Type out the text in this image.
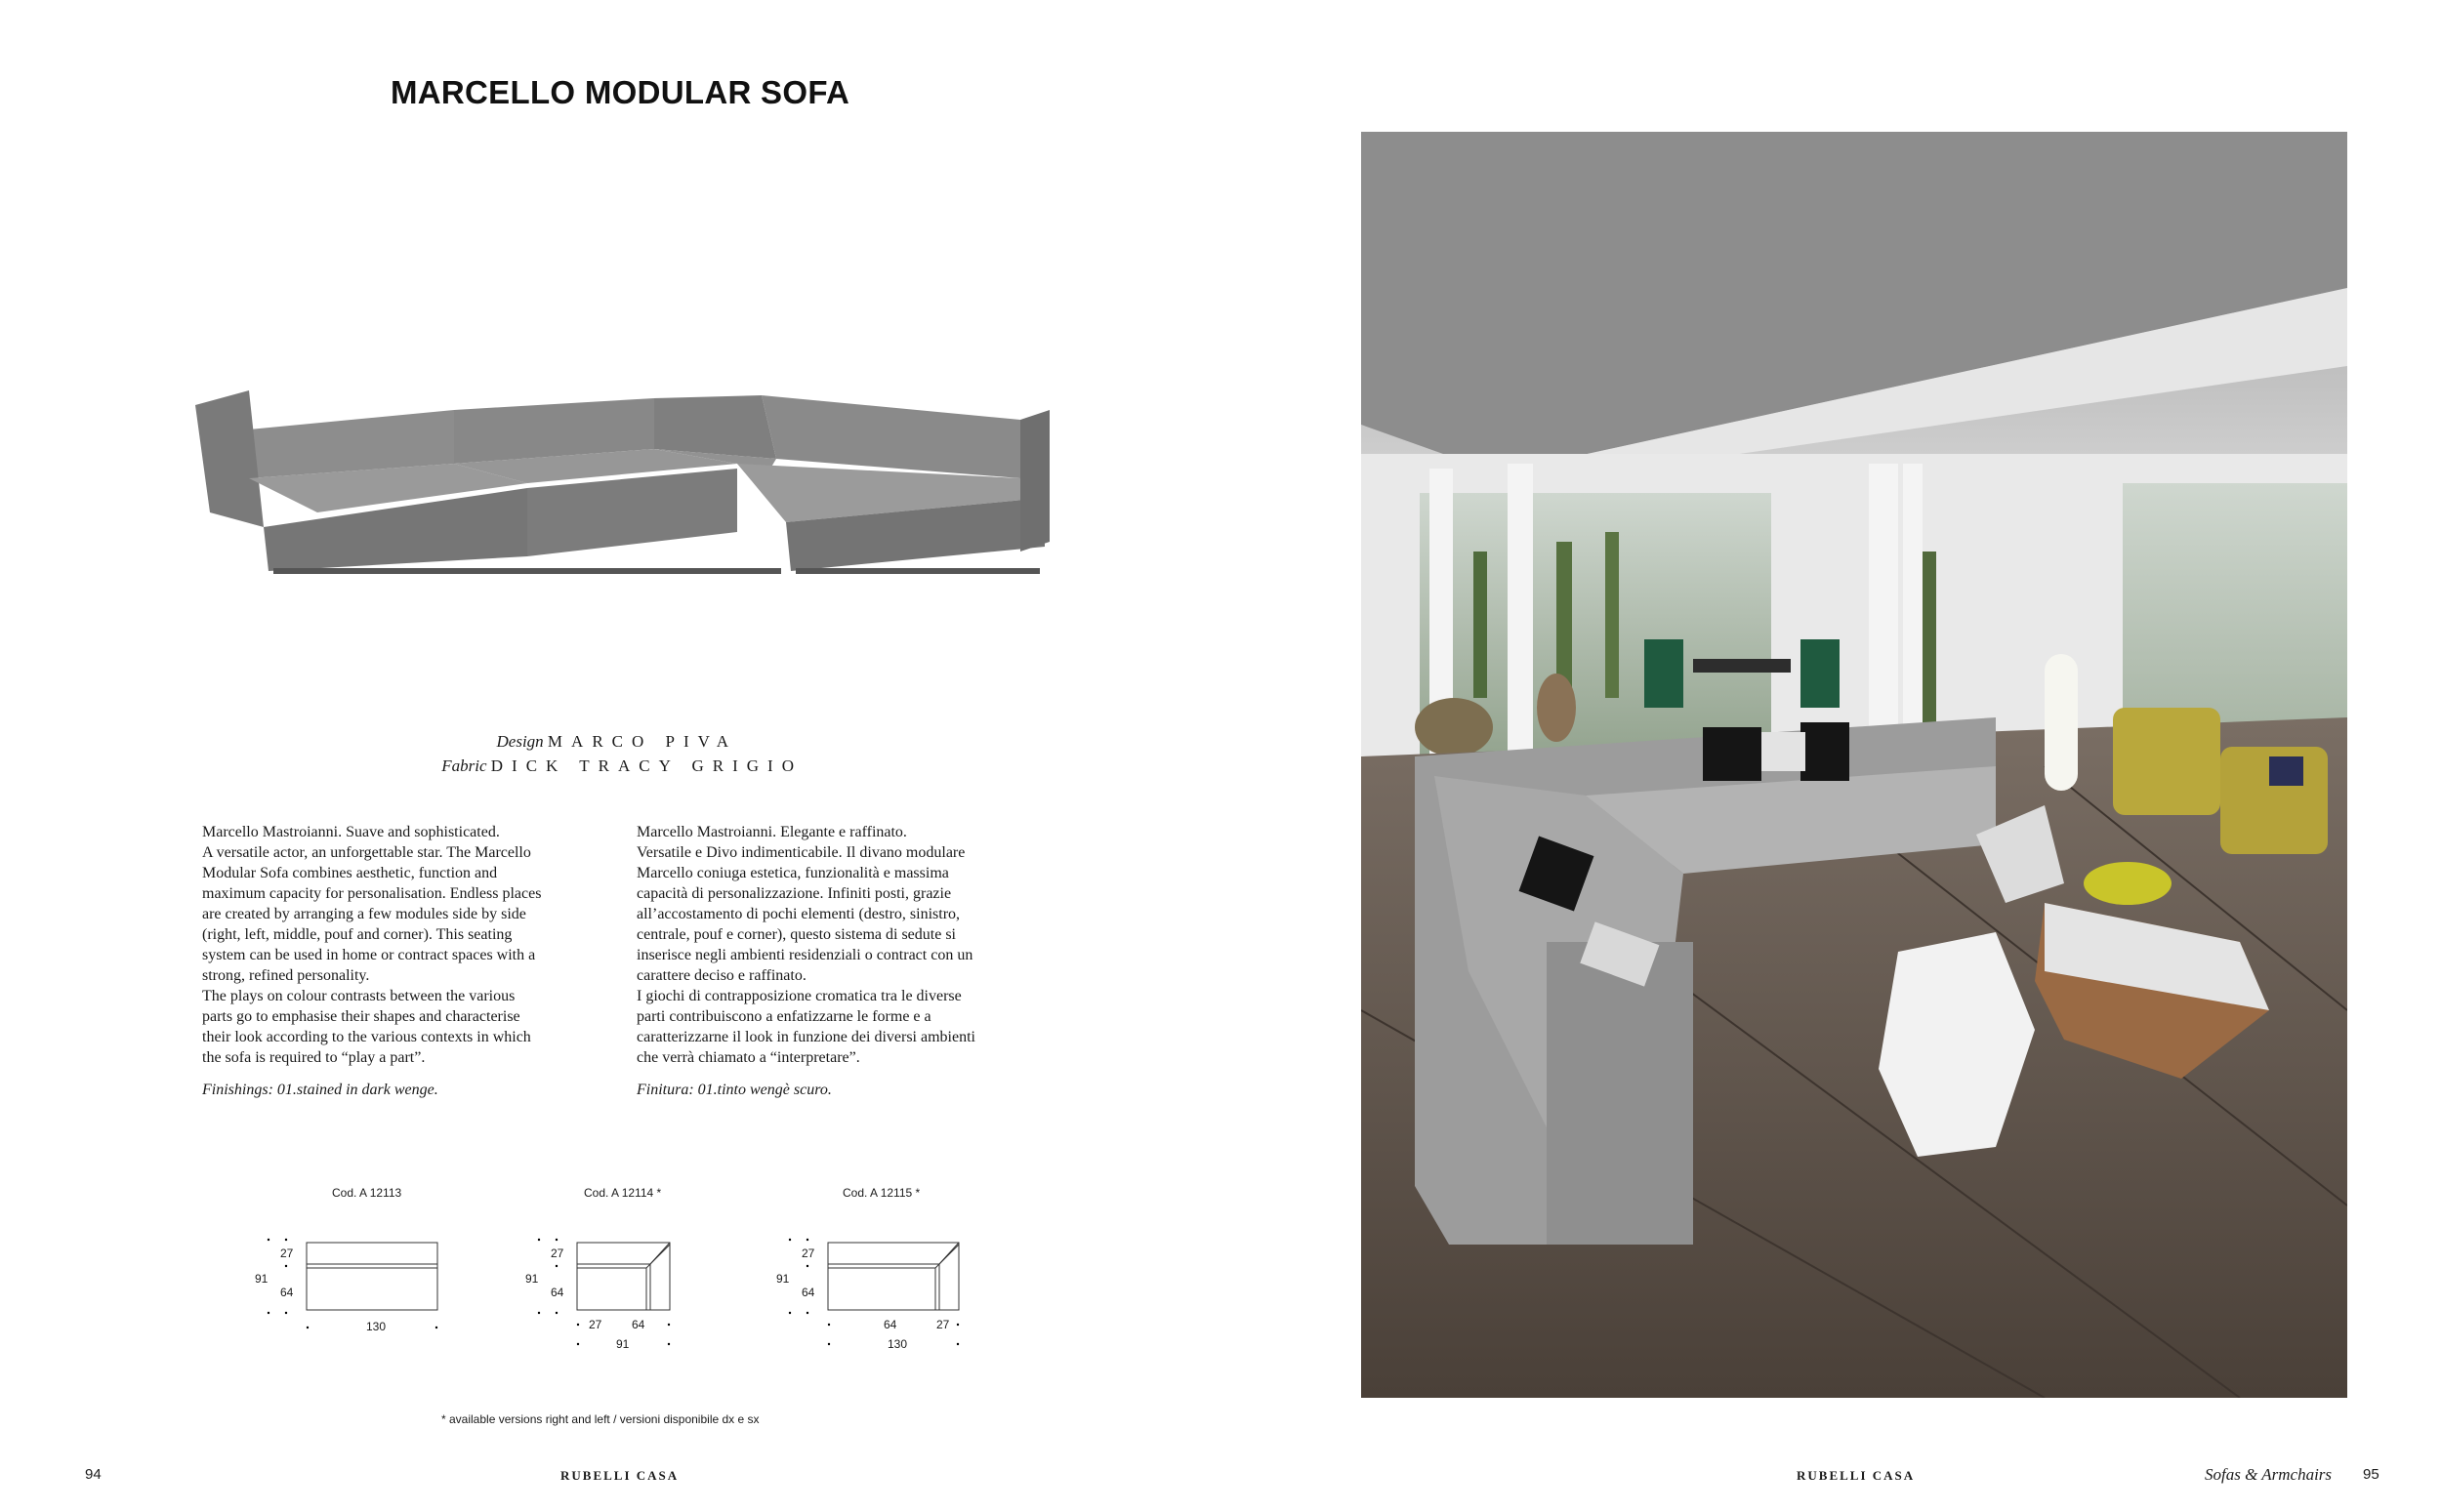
MARCELLO MODULAR SOFA
Design MARCO PIVA
Fabric DICK TRACY GRIGIO

Marcello Mastroianni. Suave and sophisticated.

A versatile actor, an unforgettable star. The Marcello

Modular Sofa combines aesthetic, function and

maximum capacity for personalisation. Endless places

are created by arranging a few modules side by side

(right, left, middle, pouf and corner). This seating

system can be used in home or contract spaces with a

strong, refined personality.

The plays on colour contrasts between the various

parts go to emphasise their shapes and characterise

their look according to the various contexts in which

the sofa is required to “play a part”.

Finishings: 01.stained in dark wenge.

Marcello Mastroianni. Elegante e raffinato.

Versatile e Divo indimenticabile. Il divano modulare

Marcello coniuga estetica, funzionalità e massima

capacità di personalizzazione. Infiniti posti, grazie

all’accostamento di pochi elementi (destro, sinistro,

centrale, pouf e corner), questo sistema di sedute si

inserisce negli ambienti residenziali o contract con un

carattere deciso e raffinato.

I giochi di contrapposizione cromatica tra le diverse

parti contribuiscono a enfatizzarne le forme e a

caratterizzarne il look in funzione dei diversi ambienti

che verrà chiamato a “interpretare”.

Finitura: 01.tinto wengè scuro.

Cod. A 12113
27
91
64
130
Cod. A 12114 *
27
91
64
27	64
91
Cod. A 12115 *
27
91
64
64	27
130
* available versions right and left / versioni disponibile dx e sx
94	RUBELLI CASA	RUBELLI CASA	Sofas & Armchairs 95
